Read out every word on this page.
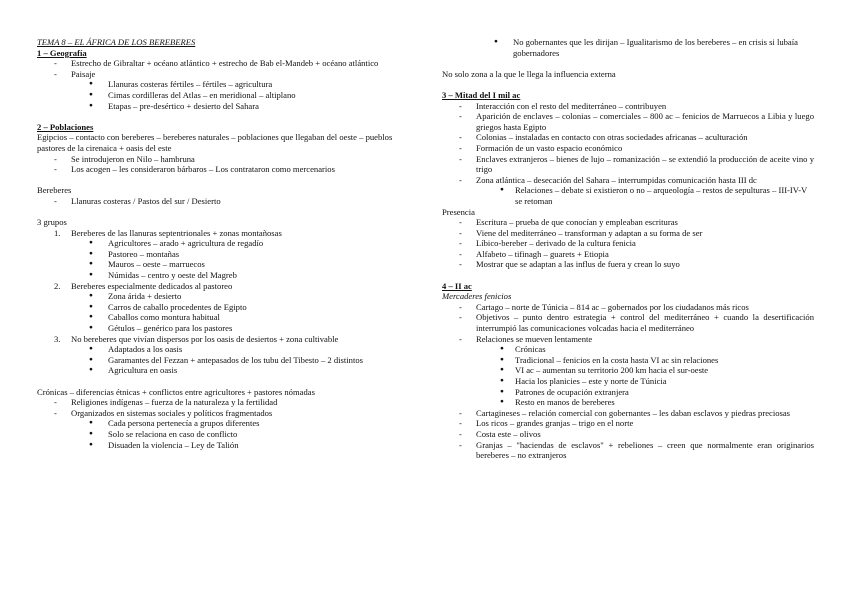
TEMA 8 – EL ÁFRICA DE LOS BEREBERES
1 – Geografía
- Estrecho de Gibraltar + océano atlántico + estrecho de Bab el-Mandeb + océano atlántico
- Paisaje
● Llanuras costeras fértiles – fértiles – agricultura
● Cimas cordilleras del Atlas – en meridional – altiplano
● Etapas – pre-desértico + desierto del Sahara
2 – Poblaciones
Egipcios – contacto con bereberes – bereberes naturales – poblaciones que llegaban del oeste – pueblos pastores de la cirenaica + oasis del este
- Se introdujeron en Nilo – hambruna
- Los acogen – les consideraron bárbaros – Los contrataron como mercenarios
Bereberes
- Llanuras costeras / Pastos del sur / Desierto
3 grupos
1. Bereberes de las llanuras septentrionales + zonas montañosas
● Agricultores – arado + agricultura de regadío
● Pastoreo – montañas
● Mauros – oeste – marruecos
● Númidas – centro y oeste del Magreb
2. Bereberes especialmente dedicados al pastoreo
● Zona árida + desierto
● Carros de caballo procedentes de Egipto
● Caballos como montura habitual
● Gétulos – genérico para los pastores
3. No bereberes que vivían dispersos por los oasis de desiertos + zona cultivable
● Adaptados a los oasis
● Garamantes del Fezzan + antepasados de los tubu del Tibesto – 2 distintos
● Agricultura en oasis
Crónicas – diferencias étnicas + conflictos entre agricultores + pastores nómadas
- Religiones indígenas – fuerza de la naturaleza y la fertilidad
- Organizados en sistemas sociales y políticos fragmentados
● Cada persona pertenecía a grupos diferentes
● Solo se relaciona en caso de conflicto
● Disuaden la violencia – Ley de Talión
● No gobernantes que les dirijan – Igualitarismo de los bereberes – en crisis si lubaía gobernadores
No solo zona a la que le llega la influencia externa
3 – Mitad del I mil ac
- Interacción con el resto del mediterráneo – contribuyen
- Aparición de enclaves – colonias – comerciales – 800 ac – fenicios de Marruecos a Libia y luego griegos hasta Egipto
- Colonias – instaladas en contacto con otras sociedades africanas – aculturación
- Formación de un vasto espacio económico
- Enclaves extranjeros – bienes de lujo – romanización – se extendió la producción de aceite vino y trigo
- Zona atlántica – desecación del Sahara – interrumpidas comunicación hasta III dc
● Relaciones – debate si existieron o no – arqueología – restos de sepulturas – III-IV-V se retoman
Presencia
- Escritura – prueba de que conocían y empleaban escrituras
- Viene del mediterráneo – transforman y adaptan a su forma de ser
- Líbico-bereber – derivado de la cultura fenicia
- Alfabeto – tifinagh – guarets + Etiopia
- Mostrar que se adaptan a las influs de fuera y crean lo suyo
4 – II ac
Mercaderes fenicios
- Cartago – norte de Túnicia – 814 ac – gobernados por los ciudadanos más ricos
- Objetivos – punto dentro estrategia + control del mediterráneo + cuando la desertificación interrumpió las comunicaciones volcadas hacia el mediterráneo
- Relaciones se mueven lentamente
● Crónicas
● Tradicional – fenicios en la costa hasta VI ac sin relaciones
● VI ac – aumentan su territorio 200 km hacia el sur-oeste
● Hacia los planicies – este y norte de Túnicia
● Patrones de ocupación extranjera
● Resto en manos de bereberes
- Cartagineses – relación comercial con gobernantes – les daban esclavos y piedras preciosas
- Los ricos – grandes granjas – trigo en el norte
- Costa este – olivos
- Granjas – "haciendas de esclavos" + rebeliones – creen que normalmente eran originarios bereberes – no extranjeros
